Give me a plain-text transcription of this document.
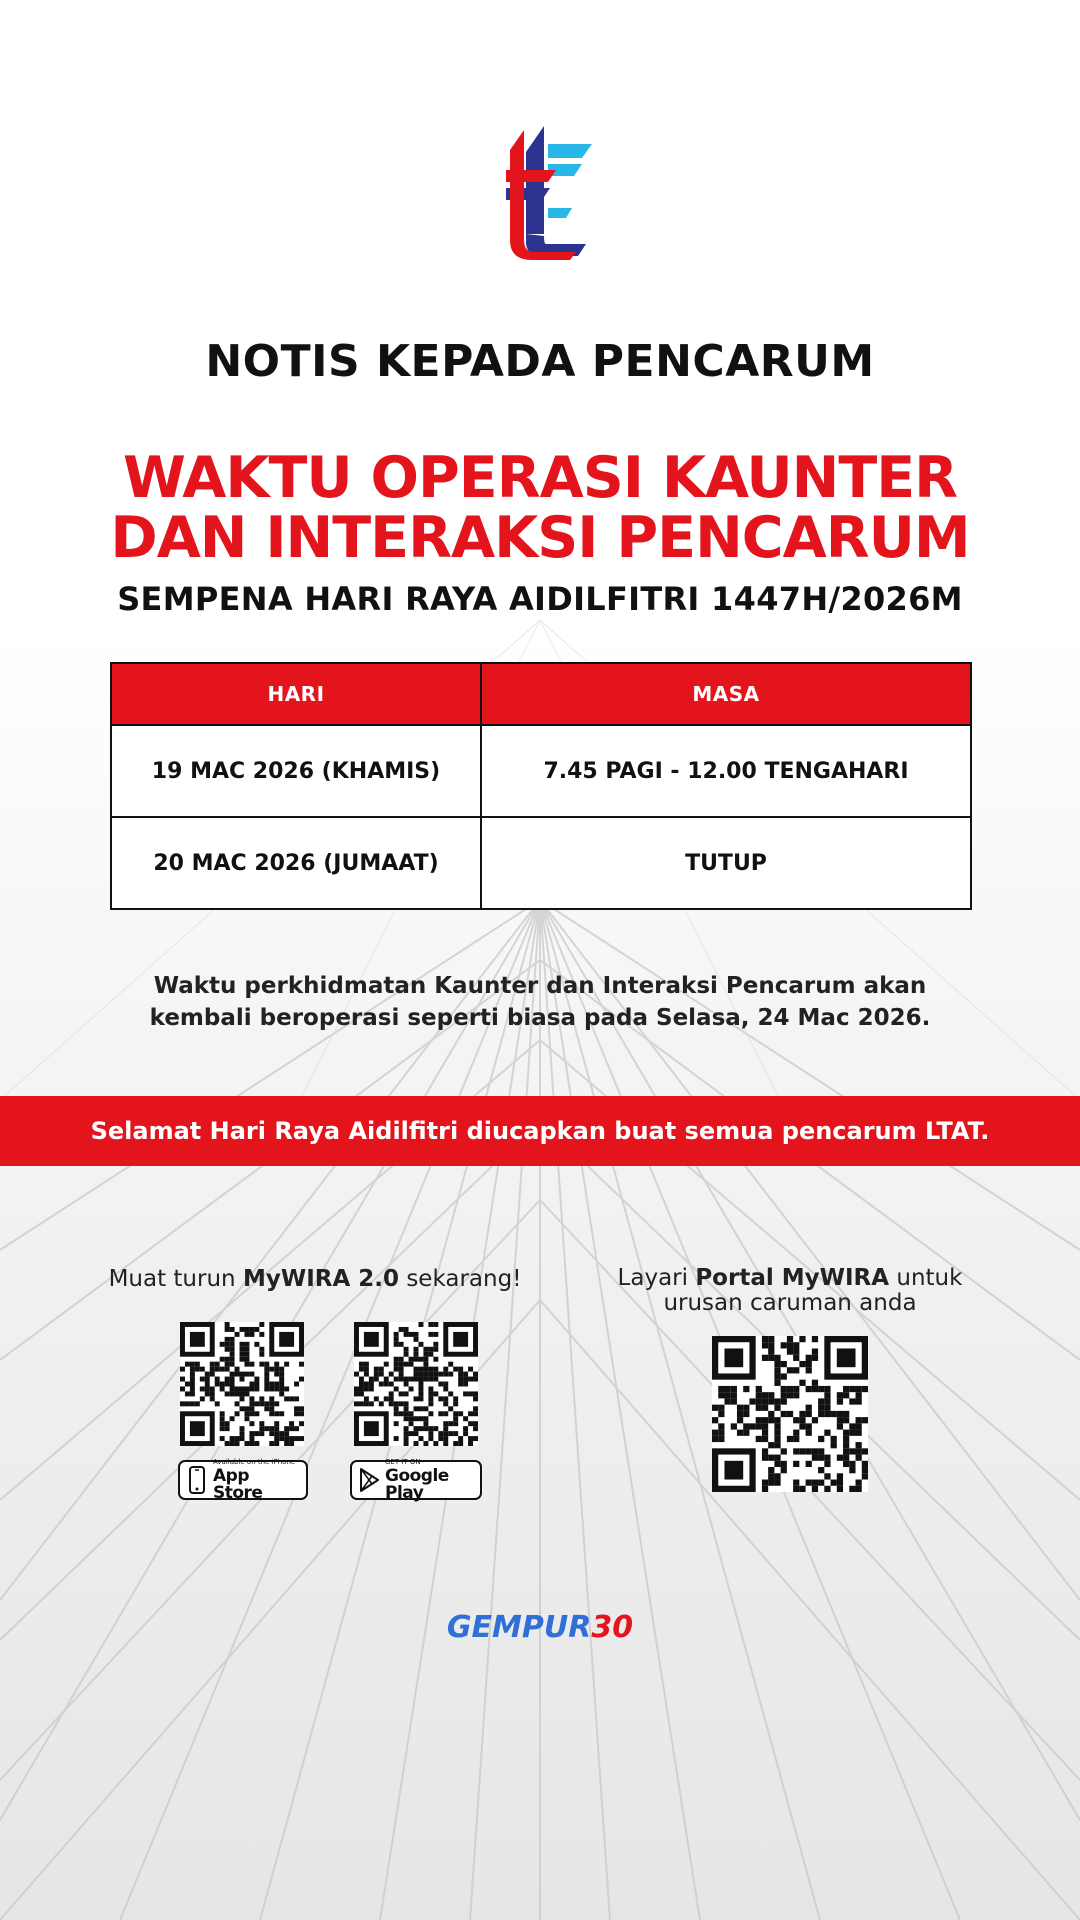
NOTIS KEPADA PENCARUM
WAKTU OPERASI KAUNTER
DAN INTERAKSI PENCARUM
SEMPENA HARI RAYA AIDILFITRI 1447H/2026M
HARI	MASA
19 MAC 2026 (KHAMIS)	7.45 PAGI - 12.00 TENGAHARI
20 MAC 2026 (JUMAAT)	TUTUP
Waktu perkhidmatan Kaunter dan Interaksi Pencarum akan
kembali beroperasi seperti biasa pada Selasa, 24 Mac 2026.
Selamat Hari Raya Aidilfitri diucapkan buat semua pencarum LTAT.
Muat turun MyWIRA 2.0 sekarang!	Layari Portal MyWIRA untuk
urusan caruman anda
Available on the iPhone
App Store
GET IT ON
Google Play
GEMPUR30
